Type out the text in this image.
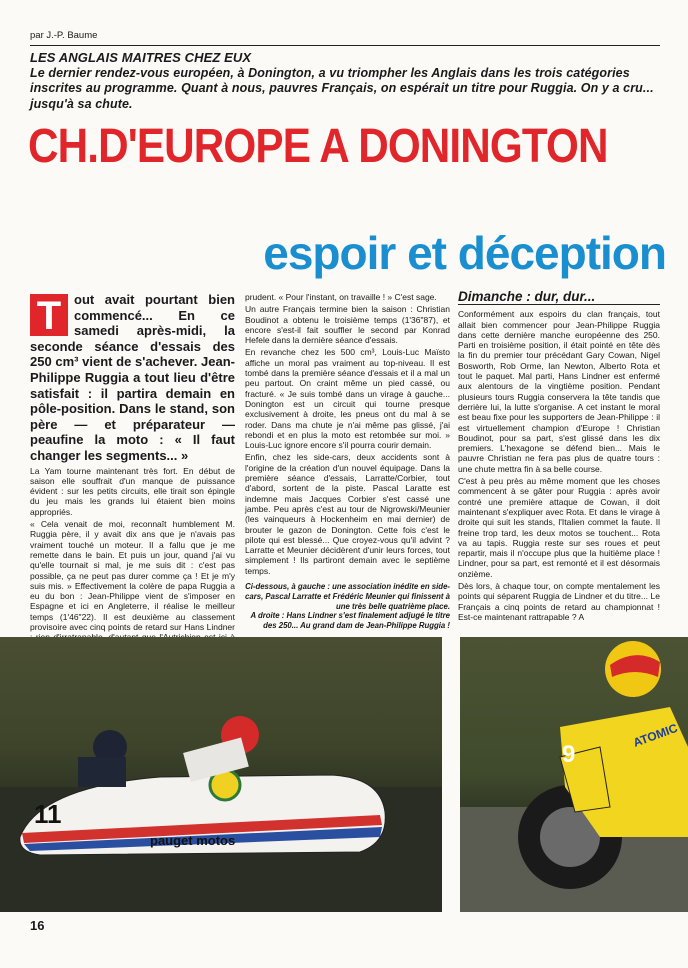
par J.-P. Baume
LES ANGLAIS MAITRES CHEZ EUX
Le dernier rendez-vous européen, à Donington, a vu triompher les Anglais dans les trois catégories inscrites au programme. Quant à nous, pauvres Français, on espérait un titre pour Ruggia. On y a cru... jusqu'à sa chute.
CH.D'EUROPE A DONINGTON
espoir et déception
T out avait pourtant bien commencé... En ce samedi après-midi, la seconde séance d'essais des 250 cm³ vient de s'achever. Jean-Philippe Ruggia a tout lieu d'être satisfait : il partira demain en pôle-position. Dans le stand, son père — et préparateur — peaufine la moto : « Il faut changer les segments... »

La Yam tourne maintenant très fort. En début de saison elle souffrait d'un manque de puissance évident : sur les petits circuits, elle tirait son épingle du jeu mais les grands lui étaient bien moins appropriés.

« Cela venait de moi, reconnaît humblement M. Ruggia père, il y avait dix ans que je n'avais pas vraiment touché un moteur. Il a fallu que je me remette dans le bain. Et puis un jour, quand j'ai vu qu'elle tournait si mal, je me suis dit : c'est pas possible, ça ne peut pas durer comme ça ! Et je m'y suis mis. » Effectivement la colère de papa Ruggia a eu du bon : Jean-Philippe vient de s'imposer en Espagne et ici en Angleterre, il réalise le meilleur temps (1'46"22). Il est deuxième au classement provisoire avec cinq points de retard sur Hans Lindner

prudent. « Pour l'instant, on travaille ! » C'est sage.

Un autre Français termine bien la saison : Christian Boudinot a obtenu le troisième temps (1'36"87), et encore s'est-il fait souffler le second par Konrad Hefele dans la dernière séance d'essais.

En revanche chez les 500 cm³, Louis-Luc Maïsto affiche un moral pas vraiment au top-niveau. Il est tombé dans la première séance d'essais et il a mal un peu partout. On craint même un pied cassé, ou fracturé. « Je suis tombé dans un virage à gauche... Donington est un circuit qui tourne presque exclusivement à droite, les pneus ont du mal à se roder. Dans ma chute je n'ai même pas glissé, j'ai rebondi et en plus la moto est retombée sur moi. » Louis-Luc ignore encore s'il pourra courir demain.

Enfin, chez les side-cars, deux accidents sont à l'origine de la création d'un nouvel équipage. Dans la première séance d'essais, Larratte/Corbier, tout d'abord, sortent de la piste. Pascal Laratte est indemne mais Jacques Corbier s'est cassé une jambe. Peu après c'est au tour de Nigrowski/Meunier (les vainqueurs à Hockenheim en mai dernier) de brouter le gazon de Donington. Cette fois c'est le pilote qui est blessé... Que croyez-vous qu'il advint ? Larratte et Meunier décidèrent d'unir leurs forces, tout simplement ! Ils partiront demain avec le septième temps.

Ci-dessous, à gauche : une association inédite en side-cars, Pascal Larratte et Frédéric Meunier qui finissent à une très belle quatrième place.
A droite : Hans Lindner s'est finalement adjugé le titre des 250... Au grand dam de Jean-Philippe Ruggia !
Dimanche : dur, dur...

Conformément aux espoirs du clan français, tout allait bien commencer pour Jean-Philippe Ruggia dans cette dernière manche européenne des 250. Parti en troisième position, il était pointé en tête dès la fin du premier tour précédant Gary Cowan, Nigel Bosworth, Rob Orme, Ian Newton, Alberto Rota et tout le paquet. Mal parti, Hans Lindner est enfermé aux alentours de la vingtième position. Pendant plusieurs tours Ruggia conservera la tête tandis que derrière lui, la lutte s'organise. A cet instant le moral est beau fixe pour les supporters de Jean-Philippe : il est virtuellement champion d'Europe ! Christian Boudinot, pour sa part, s'est glissé dans les dix premiers. L'hexagone se défend bien... Mais le pauvre Christian ne fera pas plus de quatre tours : une chute mettra fin à sa belle course.

C'est à peu près au même moment que les choses commencent à se gâter pour Ruggia : après avoir contré une première attaque de Cowan, il doit maintenant s'expliquer avec Rota. Et dans le virage à droite qui suit les stands, l'Italien commet la faute. Il freine trop tard, les deux motos se touchent... Rota va au tapis. Ruggia reste sur ses roues et peut repartir, mais il n'occupe plus que la huitième place ! Lindner, pour sa part, est remonté et il est désormais onzième.

Dès lors, à chaque tour, on compte mentalement les points qui séparent Ruggia de Lindner et du titre... Le Français a cinq points de retard au championnat ! Est-ce maintenant rattrapable ? A

11
pauget motos
9
ATOMIC
16
